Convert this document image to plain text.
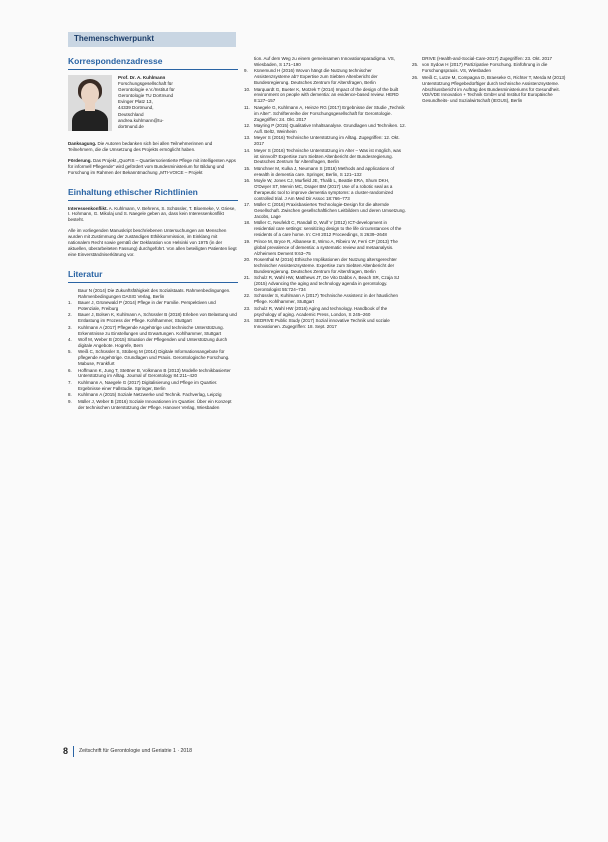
Themenschwerpunkt
Korrespondenzadresse
Prof. Dr. A. Kuhlmann
Forschungsgesellschaft für
Gerontologie e.V./Institut für
Gerontologie TU Dortmund
Evinger Platz 13,
44339 Dortmund,
Deutschland
andrea.kuhlmann@tu-
dortmund.de

Danksagung. Die Autoren bedanken sich bei allen Teilnehmerinnen und Teilnehmern, die die Umsetzung des Projekts ermöglicht haben.

Förderung. Das Projekt „QuoFIS – Quartiersorientierte Pflege mit intelligenten Apps für informell Pflegende“ wird gefördert vom Bundesministerium für Bildung und Forschung im Rahmen der Bekanntmachung „MTI-VOICE – Projekt

Einhaltung ethischer Richtlinien

Interessenkonflikt. A. Kuhlmann, V. Behrens, S. Schüssler, T. Bloemeke, V. Griese, I. Hohmann, G. Mikolaj und S. Naegele geben an, dass kein Interessenkonflikt besteht.

Alle im vorliegenden Manuskript beschriebenen Untersuchungen am Menschen wurden mit Zustimmung der zuständigen Ethikkommission, im Einklang mit nationalem Recht sowie gemäß der Deklaration von Helsinki von 1975 (in der aktuellen, überarbeiteten Fassung) durchgeführt. Von allen beteiligten Patienten liegt eine Einverständniserklärung vor.

Literatur
Baur N (2014) Die Zukunftsfähigkeit des Sozialstaats. Rahmenbedingungen. Rahmenbedingungen DASIG Verlag, Berlin
1. Bauer J, Grünewald P (2014) Pflege in der Familie. Perspektiven und Potenziale, Freiburg
2. Bauer J, Bolsen K, Kuhlmann A, Schüssler B (2018) Erleben von Belastung und Entlastung im Prozess der Pflege. Kohlhammer, Stuttgart
3. Kuhlmann A (2017) Pflegende Angehörige und technische Unterstützung. Erkenntnisse zu Einstellungen und Erwartungen. Kohlhammer, Stuttgart
4. Wolf M, Weber B (2015) Situation der Pflegenden und Unterstützung durch digitale Angebote. Hogrefe, Bern
5. Weiß C, Schüssler S, Stüberg M (2014) Digitale Informationsangebote für pflegende Angehörige. Grundlagen und Praxis. Gerontologische Forschung. Mabuse, Frankfurt
6. Hoffmann K, Jung T, Stettner B, Volkmann B (2013) Modelle technikbasierter Unterstützung im Alltag. Journal of Gerontology 84:211–420
7. Kuhlmann A, Naegele G (2017) Digitalisierung und Pflege im Quartier. Ergebnisse einer Fallstudie. Springer, Berlin
8. Kuhlmann A (2015) Soziale Netzwerke und Technik. Fachverlag, Leipzig
9. Müller J, Weber B (2016) Soziale Innovationen im Quartier. Über ein Konzept der technischen Unterstützung der Pflege. Hanover Verlag, Wiesbaden
tion. Auf dem Weg zu einem gemeinsamen Innovationsparadigma. VS, Wiesbaden, S 171–190
9. Künemund H (2016) Wovon hängt die Nutzung technischer Assistenzsysteme ab? Expertise zum Siebten Altenbericht der Bundesregierung. Deutsches Zentrum für Altersfragen, Berlin
10. Marquardt G, Bueter K, Motzek T (2014) Impact of the design of the built environment on people with dementia: an evidence-based review. HERD 8:127–157
11. Naegele G, Kuhlmann A, Heinze RG (2017) Ergebnisse der Studie „Technik im Alter“. Schriftenreihe der Forschungsgesellschaft für Gerontologie. Zugegriffen: 24. Okt. 2017
12. Mayring P (2015) Qualitative Inhaltsanalyse. Grundlagen und Techniken. 12. Aufl. Beltz, Weinheim
13. Meyer S (2016) Technische Unterstützung im Alltag. Zugegriffen: 12. Okt. 2017
14. Meyer S (2016) Technische Unterstützung im Alter – Was ist möglich, was ist sinnvoll? Expertise zum Siebten Altenbericht der Bundesregierung. Deutsches Zentrum für Altersfragen, Berlin
15. Münchner M, Kulka J, Neumann S (2016) Methods and applications of eHealth in dementia care. Springer, Berlin, S 121–132
16. Moyle W, Jones CJ, Murfield JE, Thalib L, Beattie ERA, Shum DKH, O'Dwyer ST, Mervin MC, Draper BM (2017) Use of a robotic seal as a therapeutic tool to improve dementia symptoms: a cluster-randomized controlled trial. J Am Med Dir Assoc 18:766–773
17. Müller C (2016) Praxisbasiertes Technologie-Design für die alternde Gesellschaft. Zwischen gesellschaftlichen Leitbildern und deren Umsetzung. Jacobs, Lage
18. Müller C, Neufeldt C, Randall D, Wulf V (2012) ICT-development in residential care settings: sensitizing design to the life circumstances of the residents of a care home. In: CHI 2012 Proceedings, S 2639–2648
19. Prince M, Bryce R, Albanese E, Wimo A, Ribeiro W, Ferri CP (2013) The global prevalence of dementia: a systematic review and metaanalysis. Alzheimers Dement 9:63–75
20. Rosenthal M (2016) Ethische Implikationen der Nutzung altersgerechter technischer Assistenzsysteme. Expertise zum Siebten Altenbericht der Bundesregierung. Deutsches Zentrum für Altersfragen, Berlin
21. Schulz R, Wahl HW, Matthews JT, De Vito Dabbs A, Beach SR, Czaja SJ (2015) Advancing the aging and technology agenda in gerontology. Gerontologist 55:724–734
22. Schüssler S, Kuhlmann A (2017) Technische Assistenz in der häuslichen Pflege. Kohlhammer, Stuttgart
23. Schulz R, Wahl HW (2016) Aging and technology. Handbook of the psychology of aging. Academic Press, London, S 245–260
24. SEDRIVE Public Study (2017) Sozial innovative Technik und soziale Innovationen. Zugegriffen: 18. Sept. 2017
DRIVE (Health-and-Social-Care-2017) Zugegriffen: 23. Okt. 2017
25. von Sydow H (2017) Partizipative Forschung. Einführung in die Forschungspraxis. VS, Wiesbaden
26. Weiß C, Lutze M, Compagna D, Braeseke G, Richter T, Merda M (2013) Unterstützung Pflegebedürftiger durch technische Assistenzsysteme. Abschlussbericht im Auftrag des Bundesministeriums für Gesundheit. VDI/VDE Innovation + Technik GmbH und Institut für Europäische Gesundheits- und Sozialwirtschaft (IEGUS), Berlin
8 Zeitschrift für Gerontologie und Geriatrie 1 · 2018
